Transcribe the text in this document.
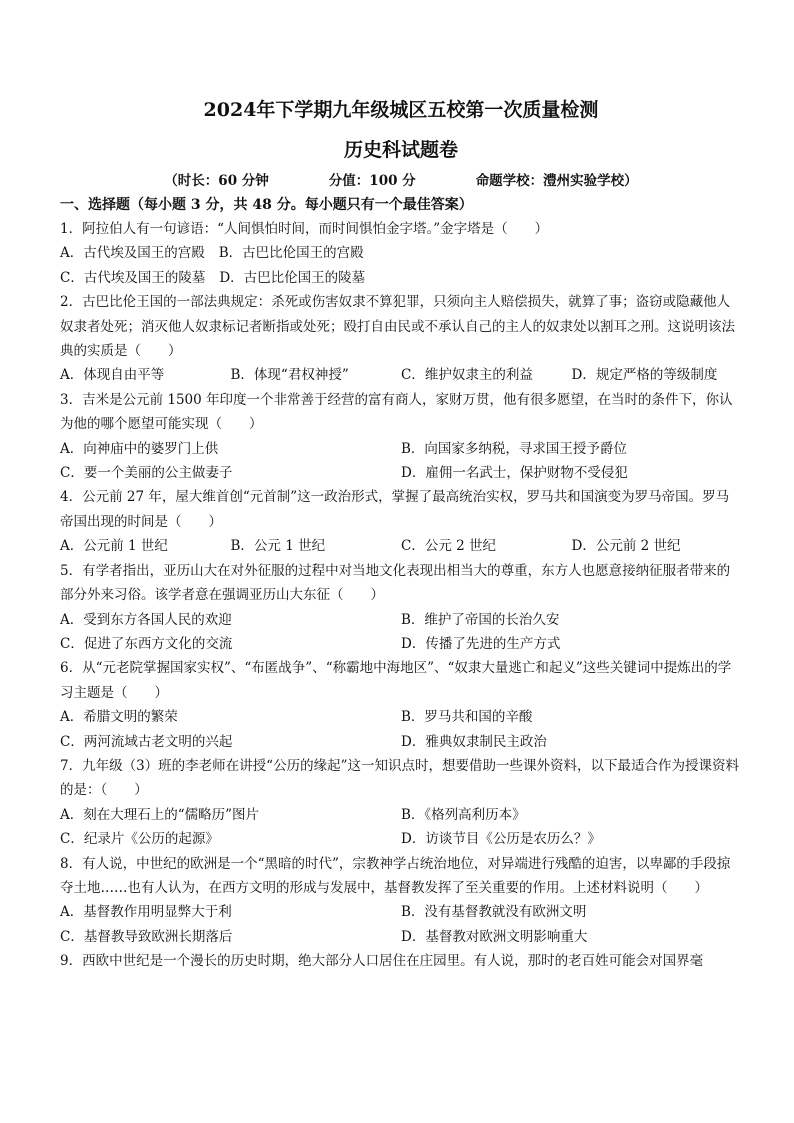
2024年下学期九年级城区五校第一次质量检测
历史科试题卷
（时长：60 分钟	分值：100 分	命题学校：澧州实验学校）
一、选择题（每小题 3 分，共 48 分。每小题只有一个最佳答案）

1．阿拉伯人有一句谚语：“人间惧怕时间，而时间惧怕金字塔。”金字塔是（　　）

A．古代埃及国王的宫殿 B．古巴比伦国王的宫殿
C．古代埃及国王的陵墓 D．古巴比伦国王的陵墓

2．古巴比伦王国的一部法典规定：杀死或伤害奴隶不算犯罪，只须向主人赔偿损失，就算了事；盗窃或隐藏他人奴隶者处死；消灭他人奴隶标记者断指或处死；殴打自由民或不承认自己的主人的奴隶处以割耳之刑。这说明该法典的实质是（　　）

A．体现自由平等	B．体现“君权神授”	C．维护奴隶主的利益	D．规定严格的等级制度

3．吉米是公元前 1500 年印度一个非常善于经营的富有商人，家财万贯，他有很多愿望，在当时的条件下，你认为他的哪个愿望可能实现（　　）

A．向神庙中的婆罗门上供	B．向国家多纳税，寻求国王授予爵位
C．要一个美丽的公主做妻子	D．雇佣一名武士，保护财物不受侵犯

4．公元前 27 年，屋大维首创“元首制”这一政治形式，掌握了最高统治实权，罗马共和国演变为罗马帝国。罗马帝国出现的时间是（　　）

A．公元前 1 世纪	B．公元 1 世纪	C．公元 2 世纪	D．公元前 2 世纪

5．有学者指出，亚历山大在对外征服的过程中对当地文化表现出相当大的尊重，东方人也愿意接纳征服者带来的部分外来习俗。该学者意在强调亚历山大东征（　　）

A．受到东方各国人民的欢迎	B．维护了帝国的长治久安
C．促进了东西方文化的交流	D．传播了先进的生产方式

6．从“元老院掌握国家实权”、“布匿战争”、“称霸地中海地区”、“奴隶大量逃亡和起义”这些关键词中提炼出的学习主题是（　　）

A．希腊文明的繁荣	B．罗马共和国的辛酸
C．两河流域古老文明的兴起	D．雅典奴隶制民主政治

7．九年级（3）班的李老师在讲授“公历的缘起”这一知识点时，想要借助一些课外资料，以下最适合作为授课资料的是：（　　）

A．刻在大理石上的“儒略历”图片	B．《格列高利历本》
C．纪录片《公历的起源》	D．访谈节目《公历是农历么？》

8．有人说，中世纪的欧洲是一个“黑暗的时代”，宗教神学占统治地位，对异端进行残酷的迫害，以卑鄙的手段掠夺土地……也有人认为，在西方文明的形成与发展中，基督教发挥了至关重要的作用。上述材料说明（　　）

A．基督教作用明显弊大于利	B．没有基督教就没有欧洲文明
C．基督教导致欧洲长期落后	D．基督教对欧洲文明影响重大

9．西欧中世纪是一个漫长的历史时期，绝大部分人口居住在庄园里。有人说，那时的老百姓可能会对国界毫
